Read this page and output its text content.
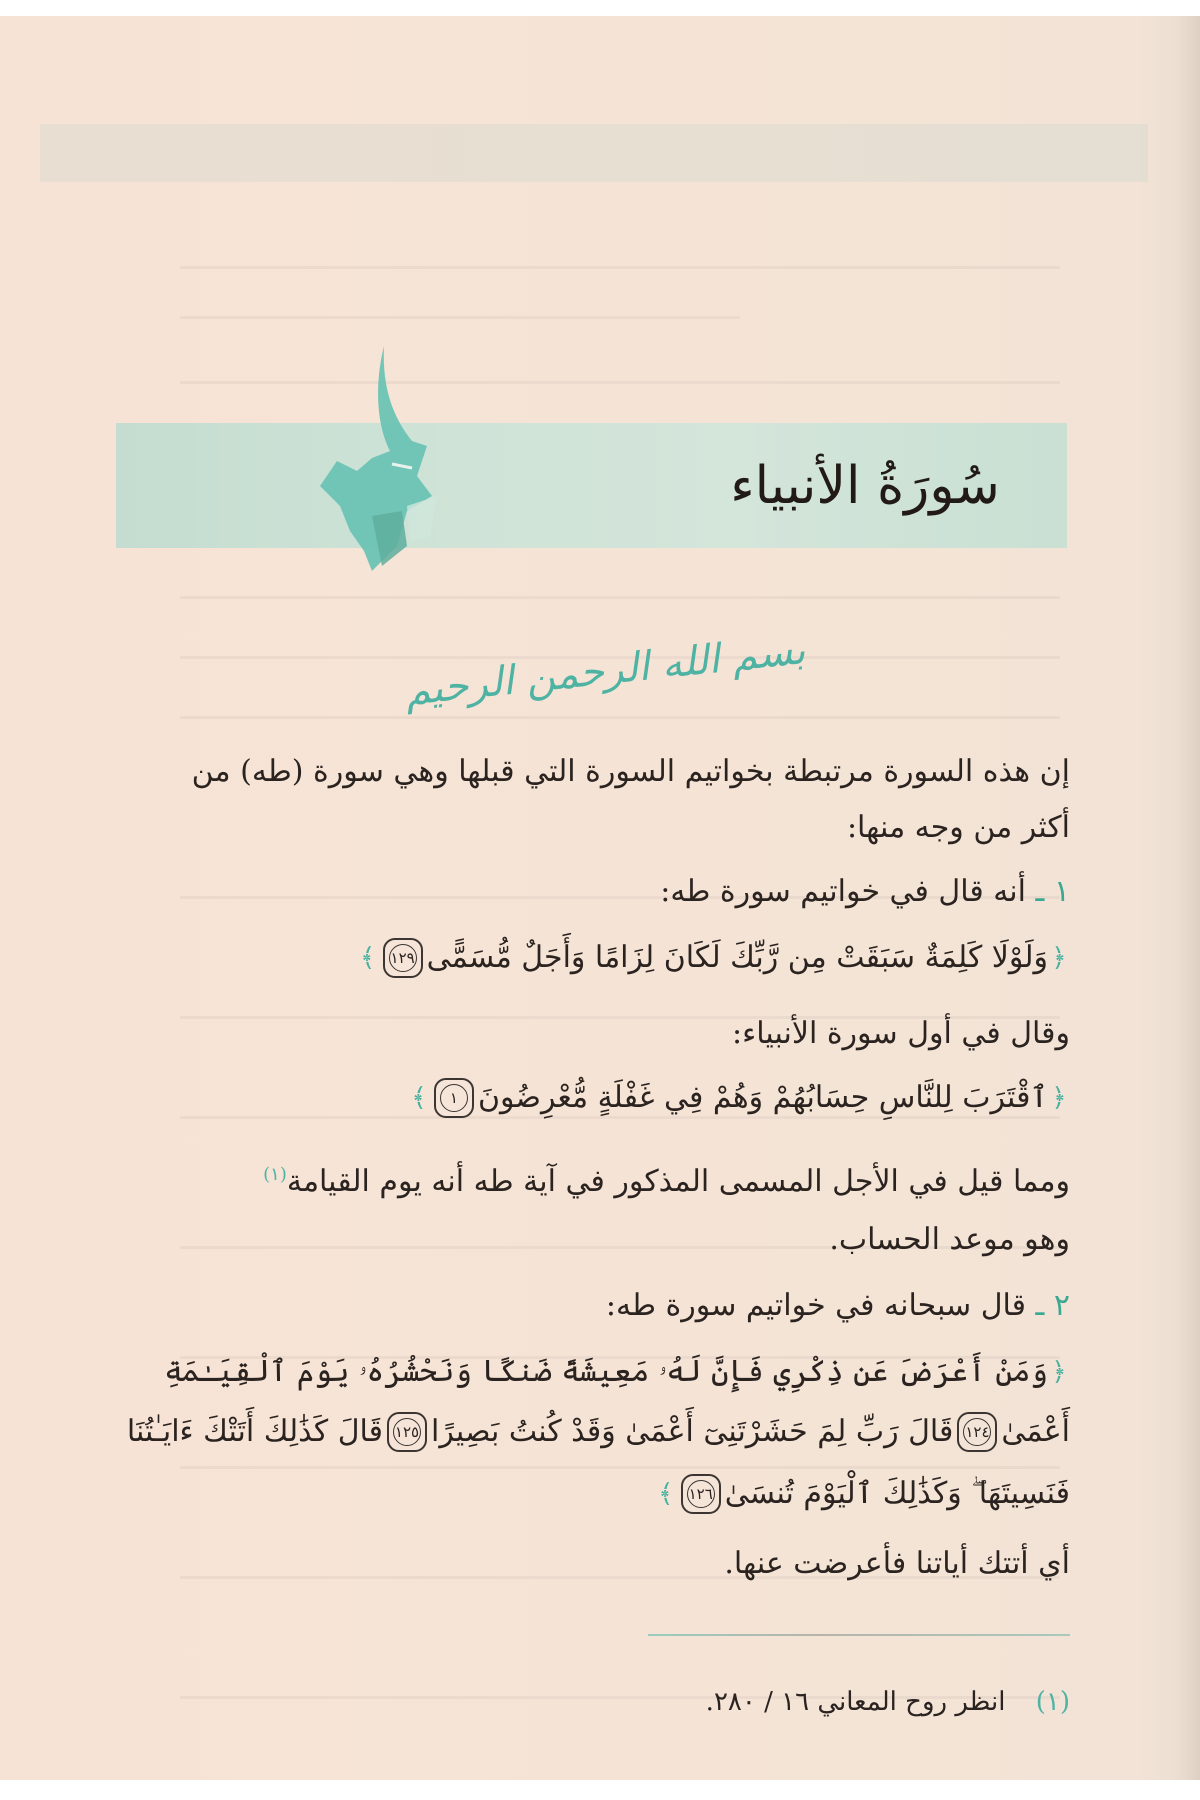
سُورَةُ الأنبياء
بسم الله الرحمن الرحيم
إن هذه السورة مرتبطة بخواتيم السورة التي قبلها وهي سورة (طه) من
أكثر من وجه منها:
١ ـ أنه قال في خواتيم سورة طه:
﴿
وَلَوْلَا كَلِمَةٌ سَبَقَتْ مِن رَّبِّكَ لَكَانَ لِزَامًا وَأَجَلٌ مُّسَمًّى
١٢٩
﴾
وقال في أول سورة الأنبياء:
﴿
ٱقْتَرَبَ لِلنَّاسِ حِسَابُهُمْ وَهُمْ فِي غَفْلَةٍ مُّعْرِضُونَ
١
﴾
ومما قيل في الأجل المسمى المذكور في آية طه أنه يوم القيامة$^{(١)}$
وهو موعد الحساب.
٢ ـ قال سبحانه في خواتيم سورة طه:
﴿
وَمَنْ أَعْرَضَ عَن ذِكْرِي فَإِنَّ لَهُۥ مَعِيشَةً ضَنكًا وَنَحْشُرُهُۥ يَوْمَ ٱلْقِيَـٰمَةِ
أَعْمَىٰ
١٢٤
قَالَ رَبِّ لِمَ حَشَرْتَنِىٓ أَعْمَىٰ وَقَدْ كُنتُ بَصِيرًا
١٢٥
قَالَ كَذَٰلِكَ أَتَتْكَ ءَايَـٰتُنَا
فَنَسِيتَهَا ۖ وَكَذَٰلِكَ ٱلْيَوْمَ تُنسَىٰ
١٢٦
﴾
أي أتتك أياتنا فأعرضت عنها.
(١) انظر روح المعاني ١٦ / ٢٨٠.
